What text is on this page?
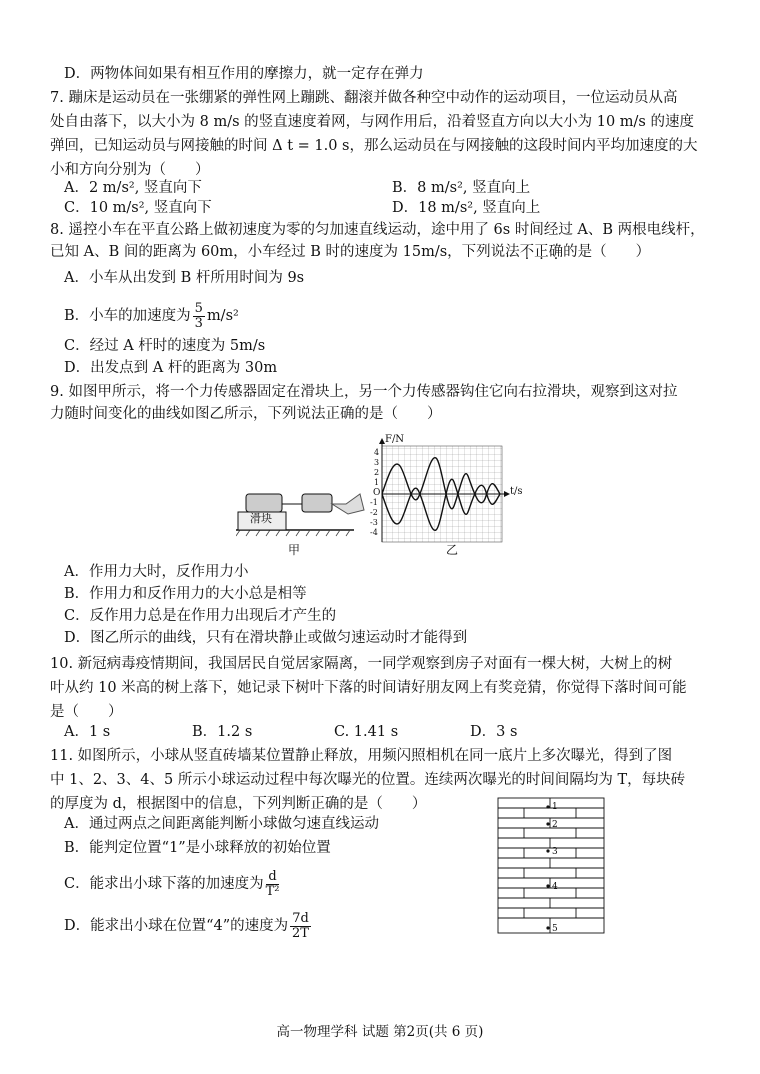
D．两物体间如果有相互作用的摩擦力，就一定存在弹力
7. 蹦床是运动员在一张绷紧的弹性网上蹦跳、翻滚并做各种空中动作的运动项目，一位运动员从高
处自由落下，以大小为 8 m/s 的竖直速度着网，与网作用后，沿着竖直方向以大小为 10 m/s 的速度
弹回，已知运动员与网接触的时间 Δ t = 1.0 s，那么运动员在与网接触的这段时间内平均加速度的大
小和方向分别为（　　）
A．2 m/s², 竖直向下	B．8 m/s², 竖直向上
C．10 m/s², 竖直向下	D．18 m/s², 竖直向上
8. 遥控小车在平直公路上做初速度为零的匀加速直线运动，途中用了 6s 时间经过 A、B 两根电线杆，
已知 A、B 间的距离为 60m，小车经过 B 时的速度为 15m/s，下列说法不正确的是（　　）
A．小车从出发到 B 杆所用时间为 9s
B．小车的加速度为 $\frac{5}{3} m/s^2$
C．经过 A 杆时的速度为 5m/s
D．出发点到 A 杆的距离为 30m
9. 如图甲所示，将一个力传感器固定在滑块上，另一个力传感器钩住它向右拉滑块，观察到这对拉
力随时间变化的曲线如图乙所示，下列说法正确的是（　　）
滑块
甲
F/N
t/s
O
4
3
2
1
-1
-2
-3
-4
乙
A．作用力大时，反作用力小
B．作用力和反作用力的大小总是相等
C．反作用力总是在作用力出现后才产生的
D．图乙所示的曲线，只有在滑块静止或做匀速运动时才能得到
10. 新冠病毒疫情期间，我国居民自觉居家隔离，一同学观察到房子对面有一棵大树，大树上的树
叶从约 10 米高的树上落下，她记录下树叶下落的时间请好朋友网上有奖竞猜，你觉得下落时间可能
是（　　）
A．1 s	B．1.2 s	C. 1.41 s	D．3 s
11. 如图所示，小球从竖直砖墙某位置静止释放，用频闪照相机在同一底片上多次曝光，得到了图
中 1、2、3、4、5 所示小球运动过程中每次曝光的位置。连续两次曝光的时间间隔均为 T，每块砖
的厚度为 d，根据图中的信息，下列判断正确的是（　　）
A．通过两点之间距离能判断小球做匀速直线运动
B．能判定位置“1”是小球释放的初始位置
C．能求出小球下落的加速度为 $\frac{d}{\text{T²}}$
D．能求出小球在位置“4”的速度为 $\frac{7d}{2T}$
1
2
3
4
5
高一物理学科 试题 第2页(共 6 页)
